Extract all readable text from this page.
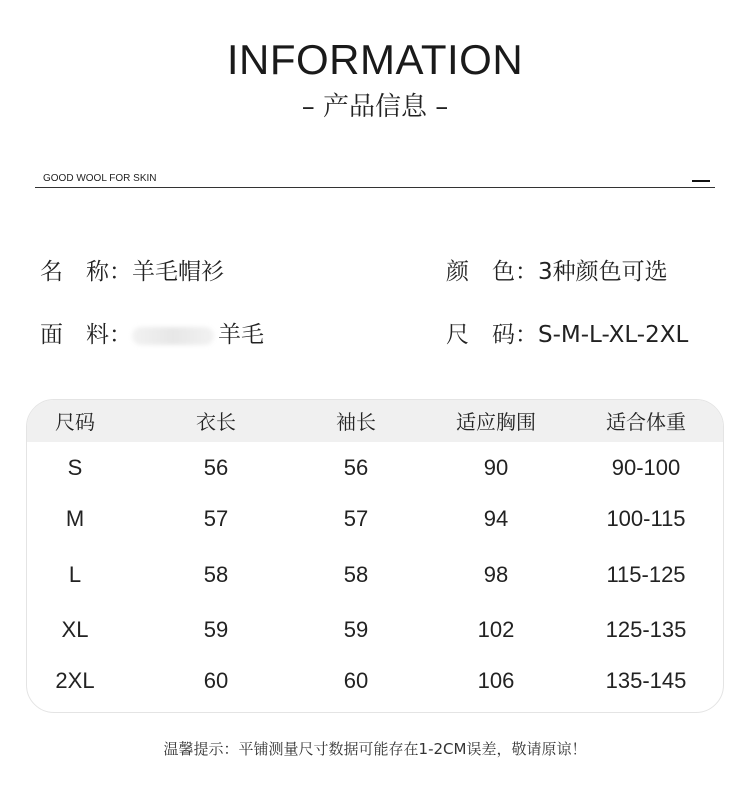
INFORMATION
– 产品信息 –
GOOD WOOL FOR SKIN
名　称：羊毛帽衫	颜　色：3种颜色可选
面　料：	羊毛	尺　码：S-M-L-XL-2XL
尺码	衣长	袖长	适应胸围	适合体重
S	56	56	90	90-100
M	57	57	94	100-115
L	58	58	98	115-125
XL	59	59	102	125-135
2XL	60	60	106	135-145
温馨提示：平铺测量尺寸数据可能存在1-2CM误差，敬请原谅！
